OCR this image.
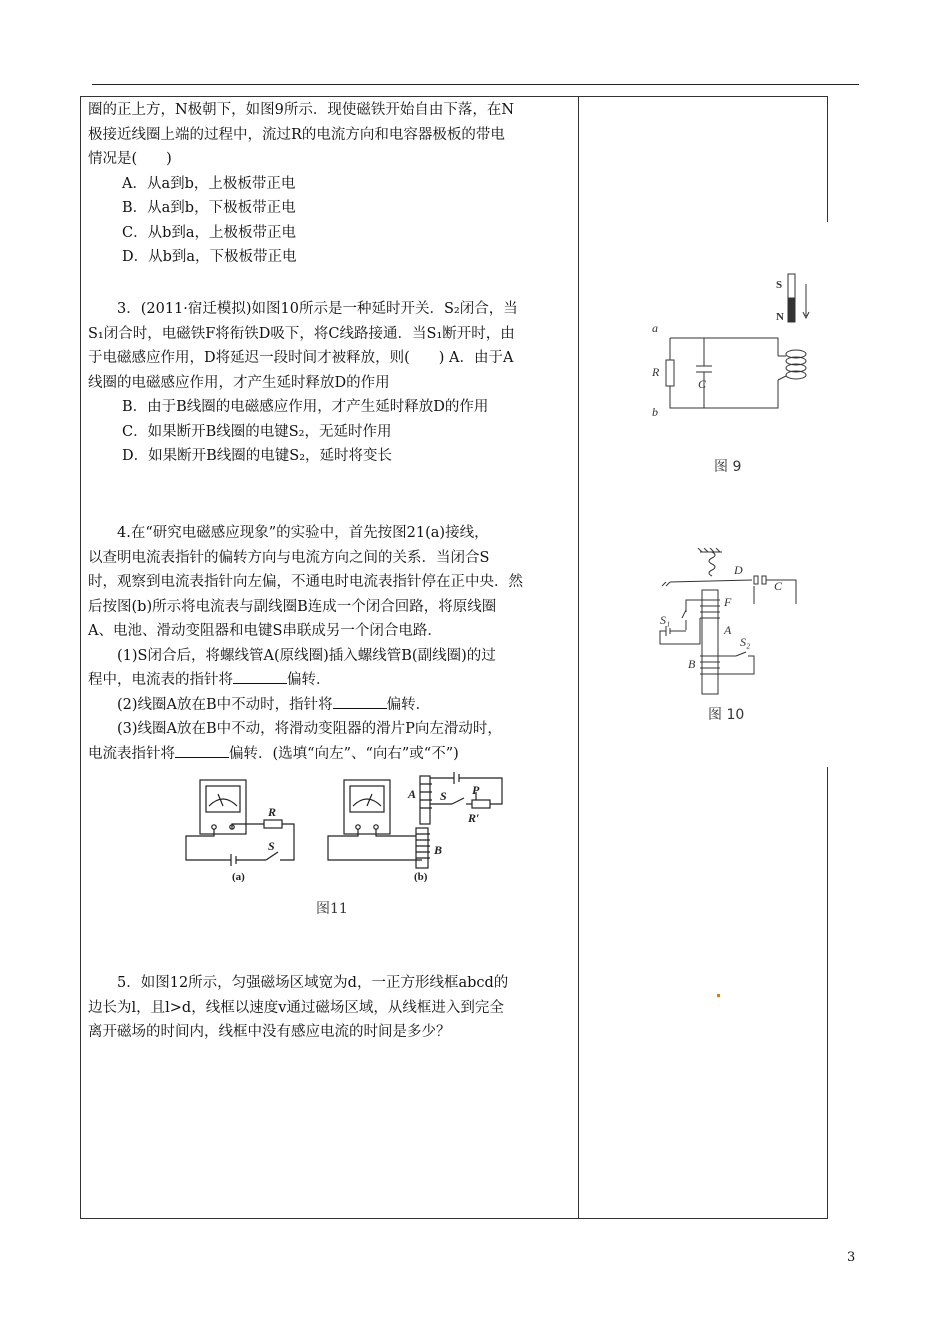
圈的正上方，N极朝下，如图9所示．现使磁铁开始自由下落，在N

极接近线圈上端的过程中，流过R的电流方向和电容器极板的带电

情况是(　　)

A．从a到b，上极板带正电

B．从a到b，下极板带正电

C．从b到a，上极板带正电

D．从b到a，下极板带正电

3．(2011·宿迁模拟)如图10所示是一种延时开关．S₂闭合，当

S₁闭合时，电磁铁F将衔铁D吸下，将C线路接通．当S₁断开时，由

于电磁感应作用，D将延迟一段时间才被释放，则(　　) A．由于A

线圈的电磁感应作用，才产生延时释放D的作用

B．由于B线圈的电磁感应作用，才产生延时释放D的作用

C．如果断开B线圈的电键S₂，无延时作用

D．如果断开B线圈的电键S₂，延时将变长

4.在“研究电磁感应现象”的实验中，首先按图21(a)接线，

以查明电流表指针的偏转方向与电流方向之间的关系．当闭合S

时，观察到电流表指针向左偏，不通电时电流表指针停在正中央．然

后按图(b)所示将电流表与副线圈B连成一个闭合回路，将原线圈

A、电池、滑动变阻器和电键S串联成另一个闭合电路．

(1)S闭合后，将螺线管A(原线圈)插入螺线管B(副线圈)的过

程中，电流表的指针将	偏转．

(2)线圈A放在B中不动时，指针将	偏转．

(3)线圈A放在B中不动，将滑动变阻器的滑片P向左滑动时，

电流表指针将	偏转．(选填“向左”、“向右”或“不”)

R
S
A
B
S P
R′
(a)	(b)
图11

5．如图12所示，匀强磁场区域宽为d，一正方形线框abcd的

边长为l，且l>d，线框以速度v通过磁场区域，从线框进入到完全

离开磁场的时间内，线框中没有感应电流的时间是多少？

a
b
R
C
S
N
图 9
D
C
F
A
S₁
S₂
B
图 10
3
